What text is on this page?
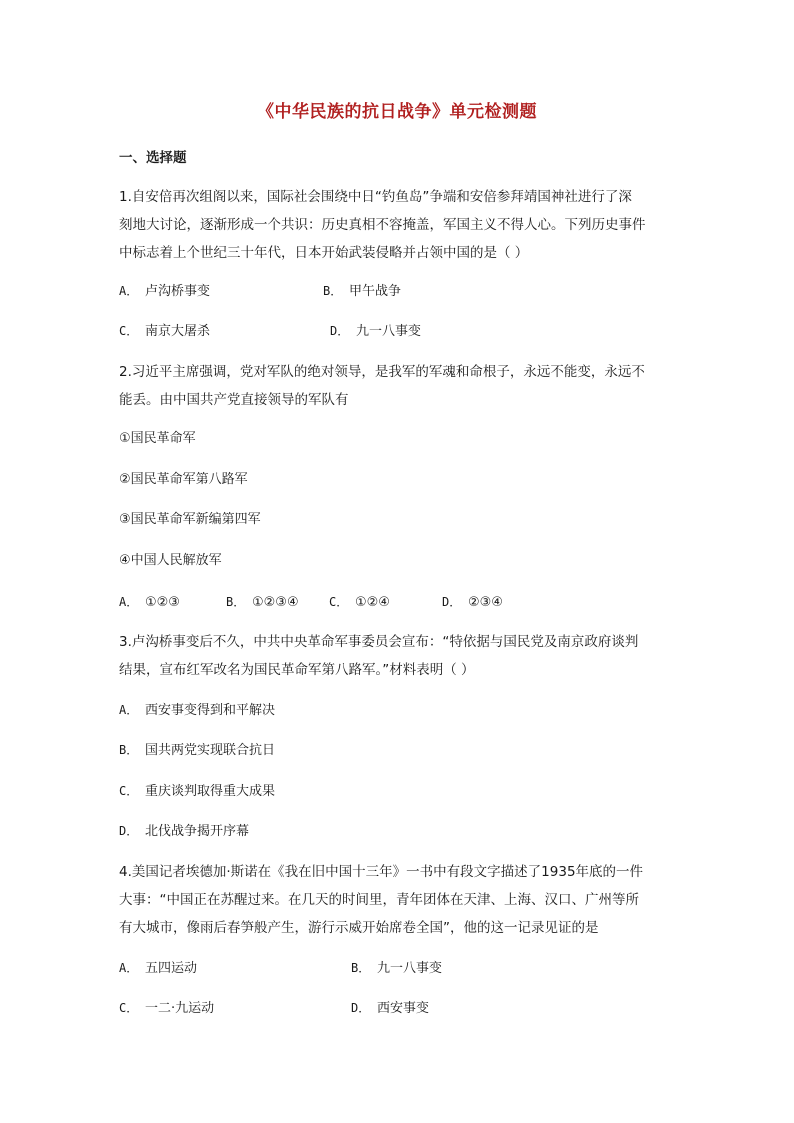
《中华民族的抗日战争》单元检测题
一、选择题
1.自安倍再次组阁以来，国际社会围绕中日“钓鱼岛”争端和安倍参拜靖国神社进行了深
刻地大讨论，逐渐形成一个共识：历史真相不容掩盖，军国主义不得人心。下列历史事件
中标志着上个世纪三十年代，日本开始武装侵略并占领中国的是（ ）
A． 卢沟桥事变	B． 甲午战争
C． 南京大屠杀	D． 九一八事变
2.习近平主席强调，党对军队的绝对领导，是我军的军魂和命根子，永远不能变，永远不
能丢。由中国共产党直接领导的军队有
①国民革命军
②国民革命军第八路军
③国民革命军新编第四军
④中国人民解放军
A． ①②③	B． ①②③④	C． ①②④	D． ②③④
3.卢沟桥事变后不久，中共中央革命军事委员会宣布：“特依据与国民党及南京政府谈判
结果，宣布红军改名为国民革命军第八路军。”材料表明（ ）
A． 西安事变得到和平解决
B． 国共两党实现联合抗日
C． 重庆谈判取得重大成果
D． 北伐战争揭开序幕
4.美国记者埃德加·斯诺在《我在旧中国十三年》一书中有段文字描述了1935年底的一件
大事：“中国正在苏醒过来。在几天的时间里，青年团体在天津、上海、汉口、广州等所
有大城市，像雨后春笋般产生，游行示威开始席卷全国”，他的这一记录见证的是
A． 五四运动	B． 九一八事变
C． 一二·九运动	D． 西安事变
